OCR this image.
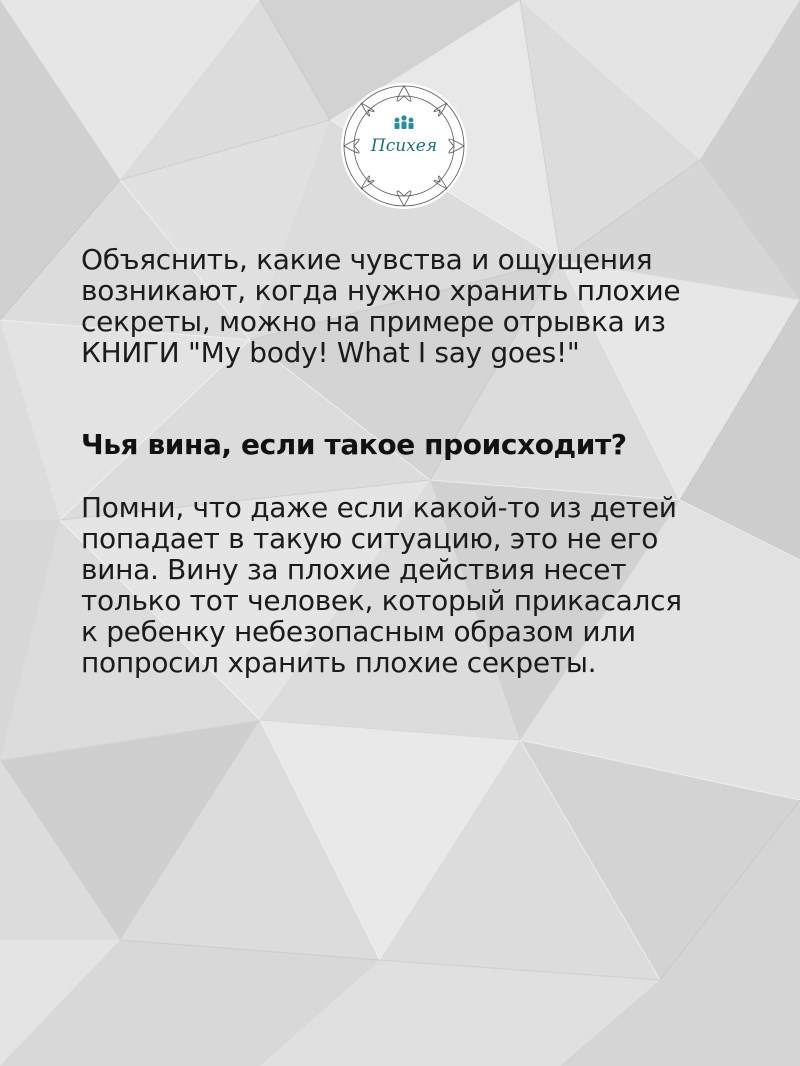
Психея
Объяснить, какие чувства и ощущения
возникают, когда нужно хранить плохие
секреты, можно на примере отрывка из
КНИГИ "My body! What I say goes!"
Чья вина, если такое происходит?
Помни, что даже если какой-то из детей
попадает в такую ситуацию, это не его
вина. Вину за плохие действия несет
только тот человек, который прикасался
к ребенку небезопасным образом или
попросил хранить плохие секреты.
